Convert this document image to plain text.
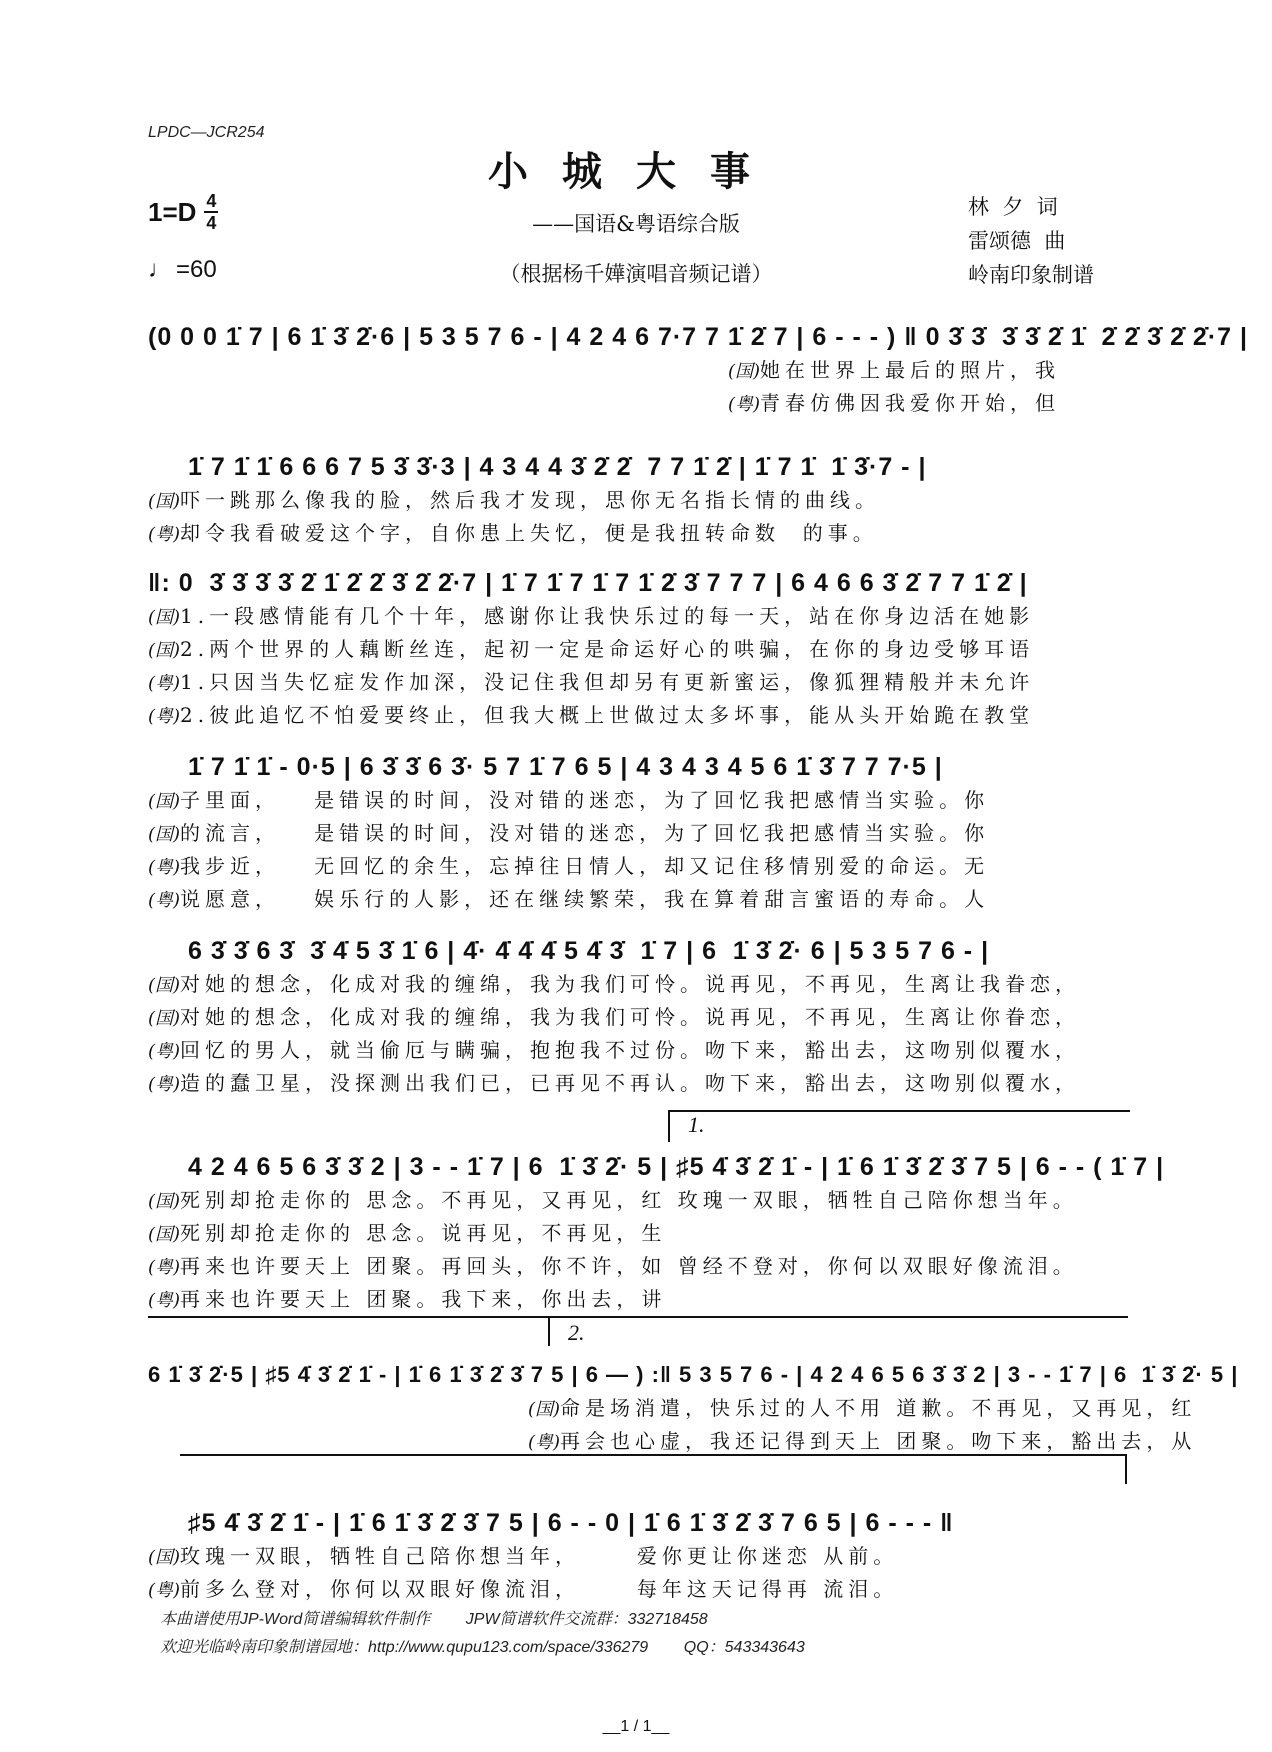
LPDC—JCR254
小城大事
——国语&粤语综合版
（根据杨千嬅演唱音频记谱）
$1=D \frac{4}{4}$
♩ =60
林  夕  词
雷颂德  曲
岭南印象制谱
(0 0 0 1̇ 7 | 6 1̇ 3̇ 2̇·6 | 5 3 5 7 6 - | 4 2 4 6 7·7 7 1̇ 2̇ 7 | 6 - - - ) ‖ 0 3̇ 3̇  3̇ 3̇ 2̇ 1̇  2̇ 2̇ 3̇ 2̇ 2̇·7 |
(国)她在世界上最后的照片，我
(粤)青春仿佛因我爱你开始，但
1̇ 7 1̇ 1̇ 6 6 6 7 5 3̇ 3̇·3 | 4 3 4 4 3̇ 2̇ 2̇  7 7 1̇ 2̇ | 1̇ 7 1̇  1̇ 3̇·7 - |
(国)吓一跳那么像我的脸，然后我才发现，思你无名指长情的曲线。
(粤)却令我看破爱这个字，自你患上失忆，便是我扭转命数  的事。
‖: 0  3̇ 3̇ 3̇ 3̇ 2̇ 1̇ 2̇ 2̇ 3̇ 2̇ 2̇·7 | 1̇ 7 1̇ 7 1̇ 7 1̇ 2̇ 3̇ 7 7 7 | 6 4 6 6 3̇ 2̇ 7 7 1̇ 2̇ |
(国)1.一段感情能有几个十年，感谢你让我快乐过的每一天，站在你身边活在她影
(国)2.两个世界的人藕断丝连，起初一定是命运好心的哄骗，在你的身边受够耳语
(粤)1.只因当失忆症发作加深，没记住我但却另有更新蜜运，像狐狸精般并未允许
(粤)2.彼此追忆不怕爱要终止，但我大概上世做过太多坏事，能从头开始跪在教堂
1̇ 7 1̇ 1̇ - 0·5 | 6 3̇ 3̇ 6 3̇· 5 7 1̇ 7 6 5 | 4 3 4 3 4 5 6 1̇ 3̇ 7 7 7·5 |
(国)子里面，   是错误的时间，没对错的迷恋，为了回忆我把感情当实验。你
(国)的流言，   是错误的时间，没对错的迷恋，为了回忆我把感情当实验。你
(粤)我步近，   无回忆的余生，忘掉往日情人，却又记住移情别爱的命运。无
(粤)说愿意，   娱乐行的人影，还在继续繁荣，我在算着甜言蜜语的寿命。人
6 3̇ 3̇ 6 3̇  3̇ 4̇ 5 3̇ 1̇ 6 | 4̇· 4̇ 4̇ 4̇ 5 4̇ 3̇  1̇ 7 | 6  1̇ 3̇ 2̇· 6 | 5 3 5 7 6 - |
(国)对她的想念，化成对我的缠绵，我为我们可怜。说再见，不再见，生离让我眷恋，
(国)对她的想念，化成对我的缠绵，我为我们可怜。说再见，不再见，生离让你眷恋，
(粤)回忆的男人，就当偷厄与瞒骗，抱抱我不过份。吻下来，豁出去，这吻别似覆水，
(粤)造的蠢卫星，没探测出我们已，已再见不再认。吻下来，豁出去，这吻别似覆水，
1.
4 2 4 6 5 6 3̇ 3̇ 2 | 3 - - 1̇ 7 | 6  1̇ 3̇ 2̇· 5 | ♯5 4̇ 3̇ 2̇ 1̇ - | 1̇ 6 1̇ 3̇ 2̇ 3̇ 7 5 | 6 - - ( 1̇ 7 |
(国)死别却抢走你的 思念。不再见，又再见，红 玫瑰一双眼，牺牲自己陪你想当年。
(国)死别却抢走你的 思念。说再见，不再见，生
(粤)再来也许要天上 团聚。再回头，你不许，如 曾经不登对，你何以双眼好像流泪。
(粤)再来也许要天上 团聚。我下来，你出去，讲
2.
6 1̇ 3̇ 2̇·5 | ♯5 4̇ 3̇ 2̇ 1̇ - | 1̇ 6 1̇ 3̇ 2̇ 3̇ 7 5 | 6 — ) :‖ 5 3 5 7 6 - | 4 2 4 6 5 6 3̇ 3̇ 2 | 3 - - 1̇ 7 | 6  1̇ 3̇ 2̇· 5 |
(国)命是场消遣，快乐过的人不用 道歉。不再见，又再见，红
(粤)再会也心虚，我还记得到天上 团聚。吻下来，豁出去，从
♯5 4̇ 3̇ 2̇ 1̇ - | 1̇ 6 1̇ 3̇ 2̇ 3̇ 7 5 | 6 - - 0 | 1̇ 6 1̇ 3̇ 2̇ 3̇ 7 6 5 | 6 - - - ‖
(国)玫瑰一双眼，牺牲自己陪你想当年，     爱你更让你迷恋 从前。
(粤)前多么登对，你何以双眼好像流泪，     每年这天记得再 流泪。
本曲谱使用JP-Word简谱编辑软件制作 JPW简谱软件交流群：332718458
欢迎光临岭南印象制谱园地：http://www.qupu123.com/space/336279 QQ：543343643
__1 / 1__
